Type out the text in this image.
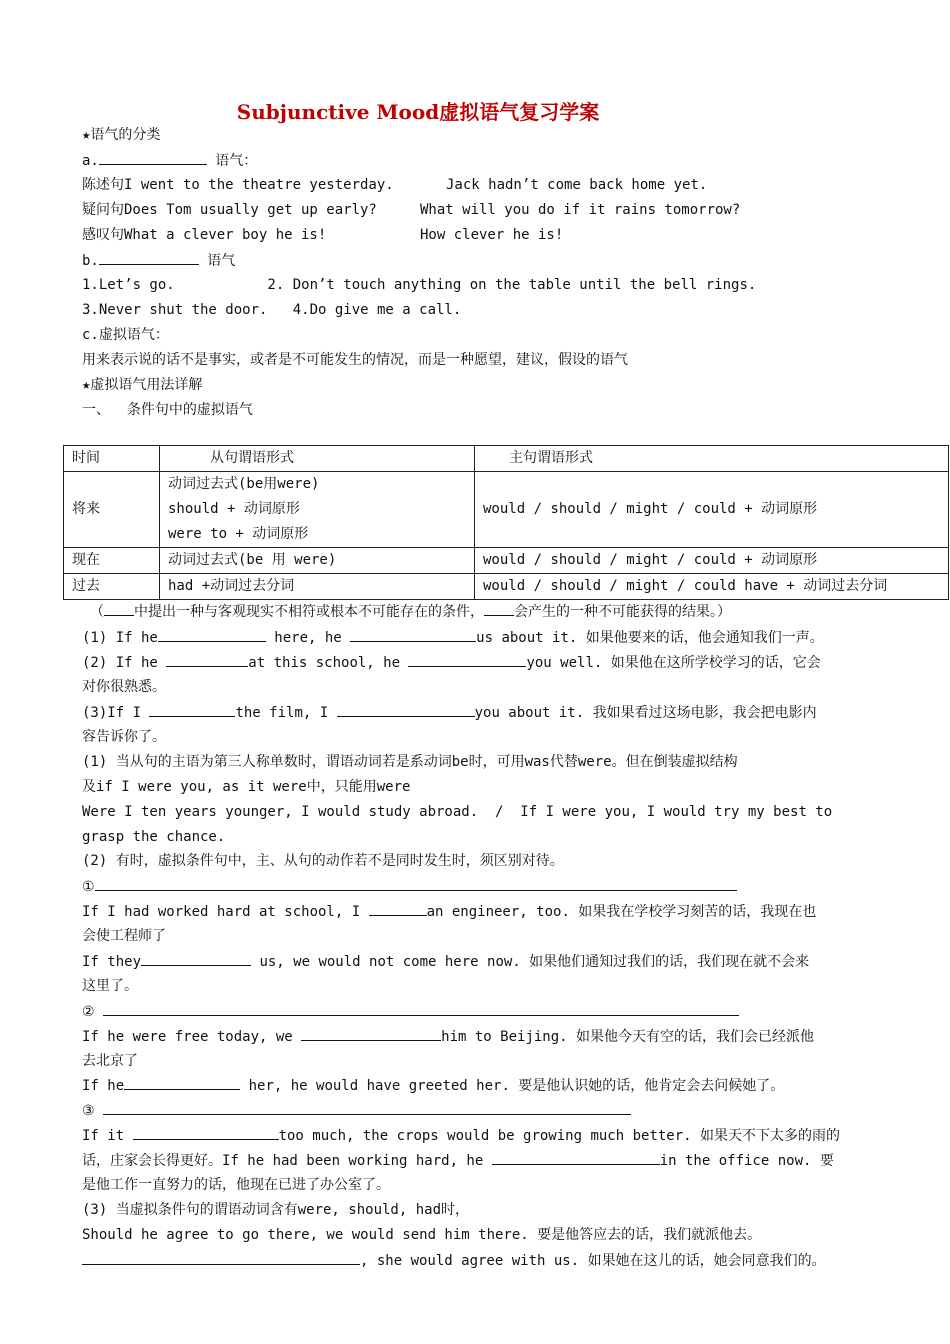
Subjunctive Mood虚拟语气复习学案
★语气的分类
a.	语气：
陈述句I went to the theatre yesterday.	Jack hadn’t come back home yet.
疑问句Does Tom usually get up early?	What will you do if it rains tomorrow?
感叹句What a clever boy he is!	How clever he is!
b.	语气
1.Let’s go.           2. Don’t touch anything on the table until the bell rings.
3.Never shut the door.   4.Do give me a call.
c.虚拟语气：
用来表示说的话不是事实，或者是不可能发生的情况，而是一种愿望，建议，假设的语气
★虚拟语气用法详解
一、  条件句中的虚拟语气
时间	从句谓语形式	主句谓语形式
将来	动词过去式(be用were)
should + 动词原形
were to + 动词原形	would / should / might / could + 动词原形
现在	动词过去式(be 用 were)	would / should / might / could + 动词原形
过去	had +动词过去分词	would / should / might / could have + 动词过去分词
（ 中提出一种与客观现实不相符或根本不可能存在的条件， 会产生的一种不可能获得的结果。）
(1) If he	here, he	us about it. 如果他要来的话，他会通知我们一声。
(2) If he	at this school, he	you well. 如果他在这所学校学习的话，它会
对你很熟悉。
(3)If I	the film, I	you about it. 我如果看过这场电影，我会把电影内
容告诉你了。
(1) 当从句的主语为第三人称单数时，谓语动词若是系动词be时，可用was代替were。但在倒装虚拟结构
及if I were you, as it were中，只能用were
Were I ten years younger, I would study abroad.  /  If I were you, I would try my best to
grasp the chance.
(2) 有时，虚拟条件句中，主、从句的动作若不是同时发生时，须区别对待。
①
If I had worked hard at school, I	an engineer, too. 如果我在学校学习刻苦的话，我现在也
会使工程师了
If they	us, we would not come here now. 如果他们通知过我们的话，我们现在就不会来
这里了。
②
If he were free today, we	him to Beijing. 如果他今天有空的话，我们会已经派他
去北京了
If he	her, he would have greeted her. 要是他认识她的话，他肯定会去问候她了。
③
If it	too much, the crops would be growing much better. 如果天不下太多的雨的
话，庄家会长得更好。If he had been working hard, he	in the office now. 要
是他工作一直努力的话，他现在已进了办公室了。
(3) 当虚拟条件句的谓语动词含有were, should, had时，
Should he agree to go there, we would send him there. 要是他答应去的话，我们就派他去。
, she would agree with us. 如果她在这儿的话，她会同意我们的。
